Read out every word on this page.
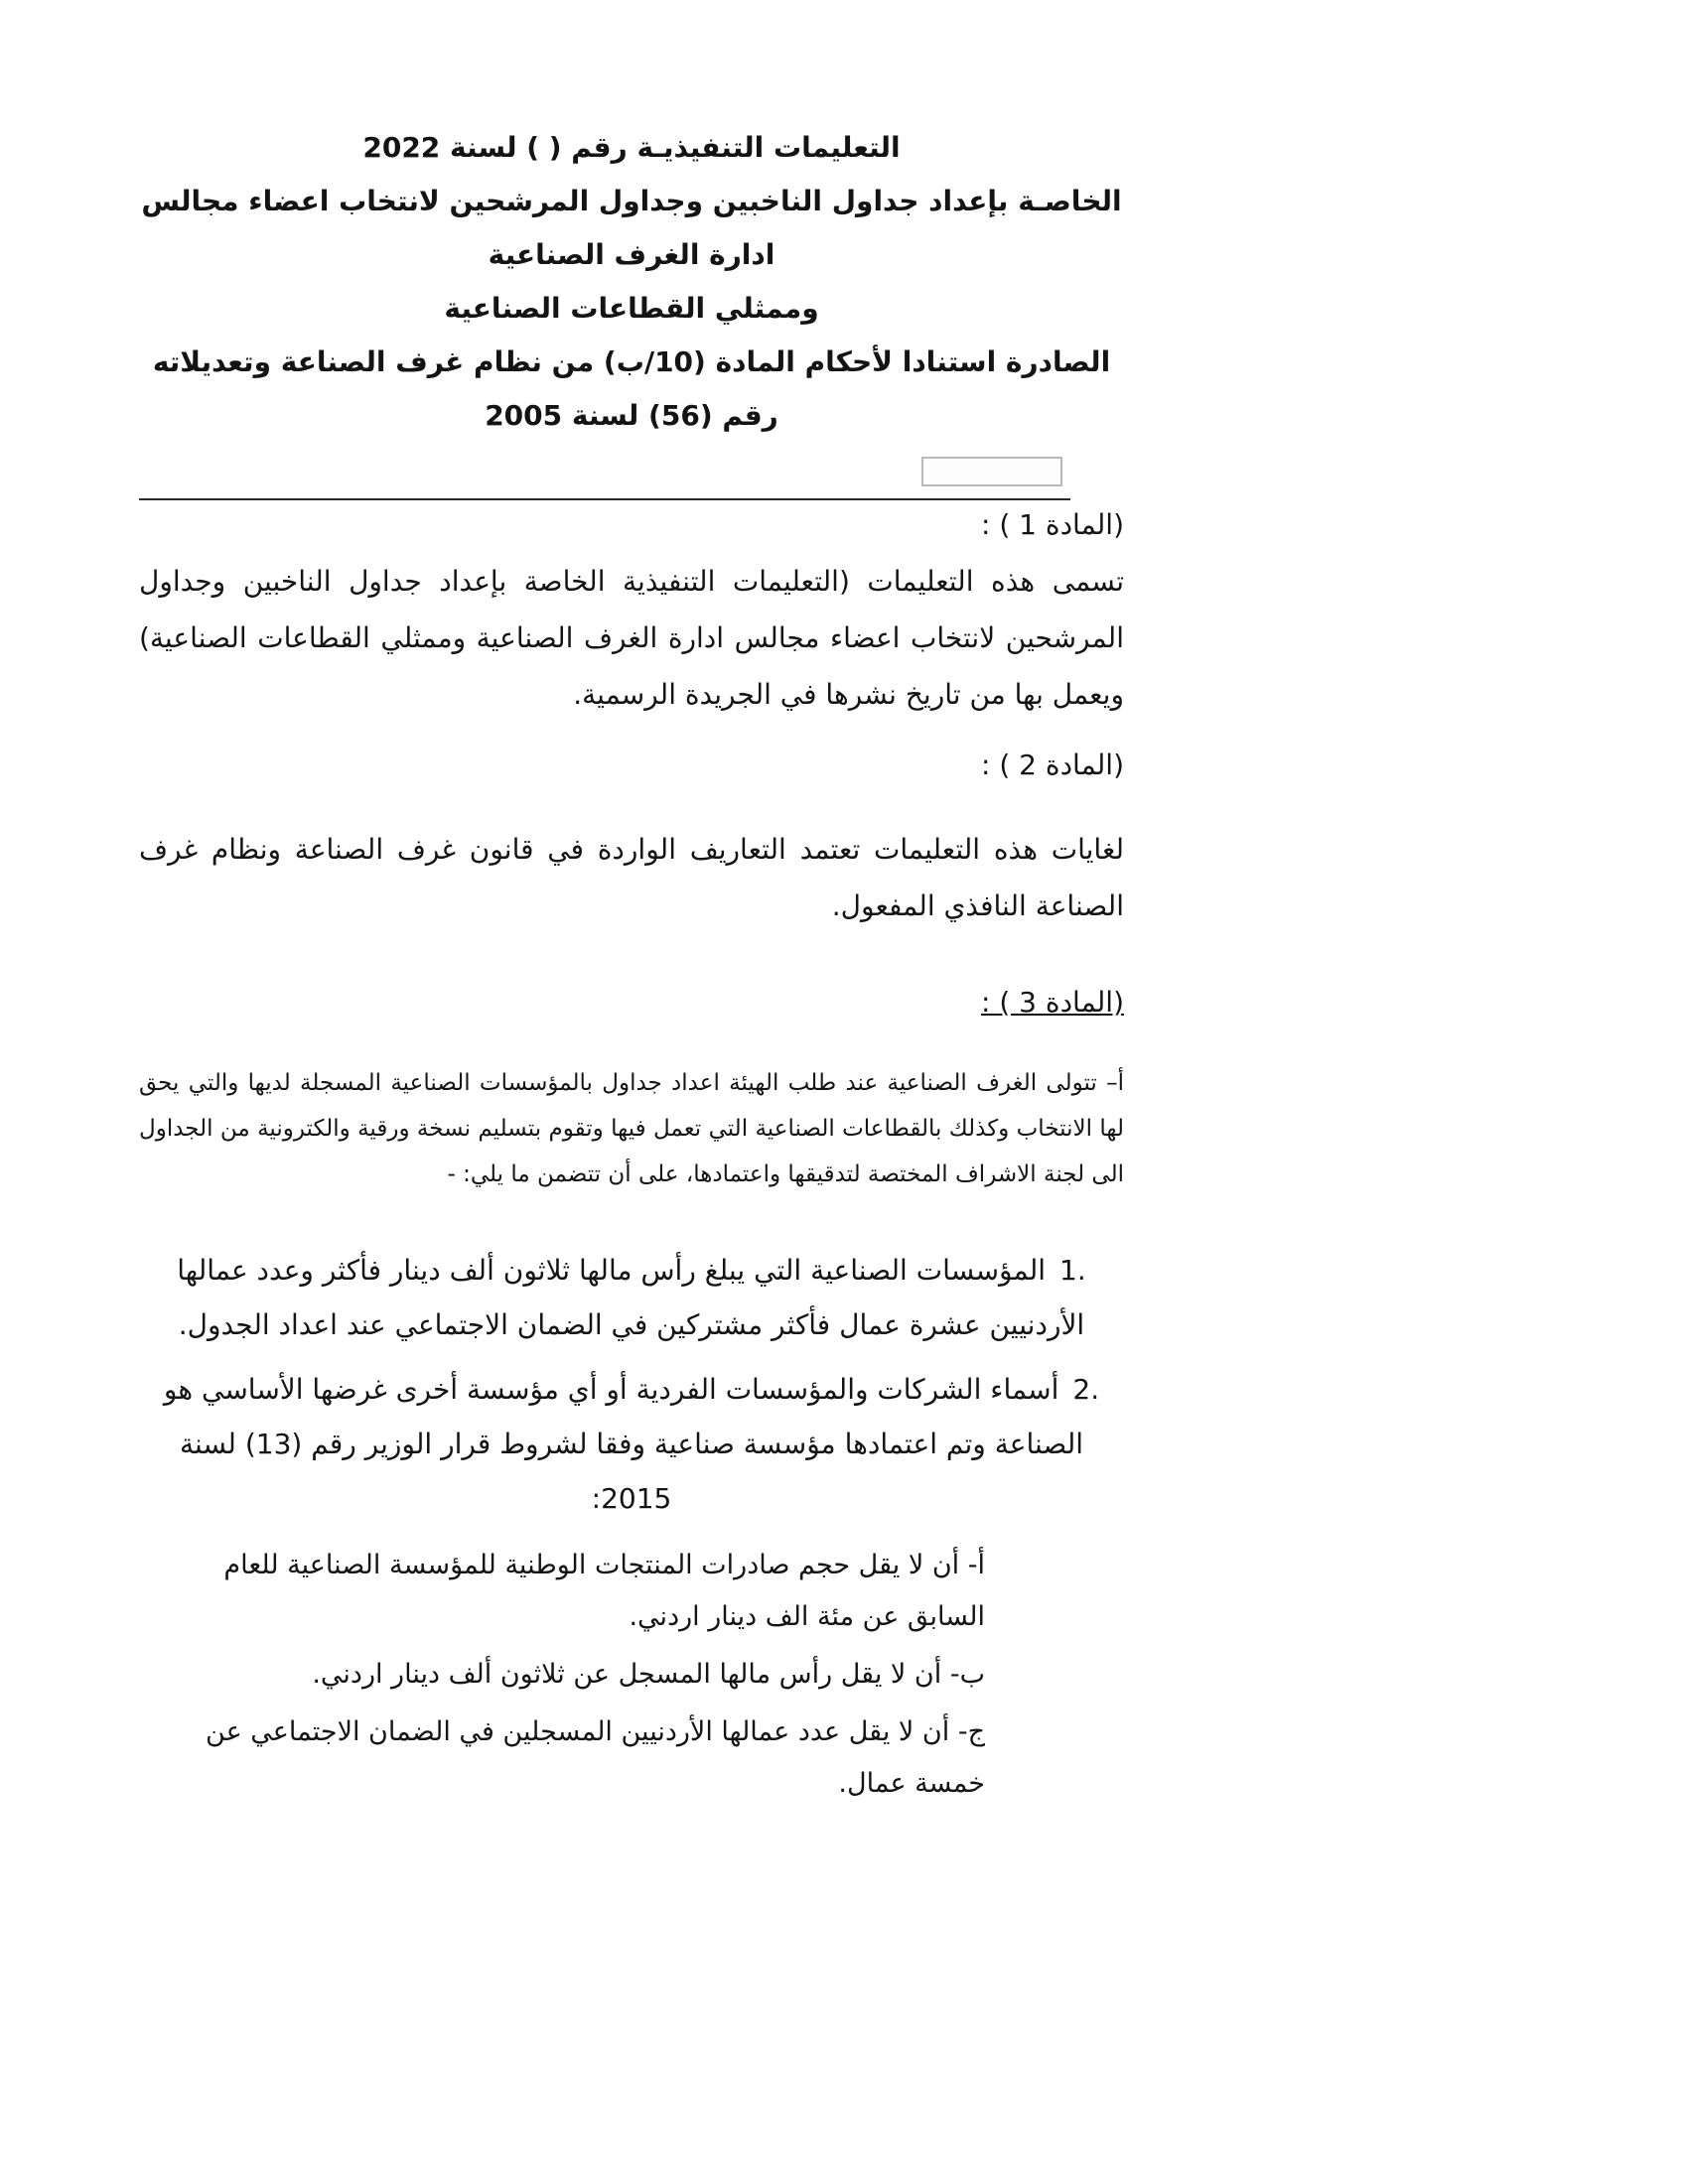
التعليمات التنفيذيـة رقم ( ) لسنة 2022
الخاصـة بإعداد جداول الناخبين وجداول المرشحين لانتخاب اعضاء مجالس ادارة الغرف الصناعية
وممثلي القطاعات الصناعية
الصادرة استنادا لأحكام المادة (10/ب) من نظام غرف الصناعة وتعديلاته رقم (56) لسنة 2005
(المادة 1 ) :

تسمى هذه التعليمات (التعليمات التنفيذية الخاصة بإعداد جداول الناخبين وجداول المرشحين لانتخاب اعضاء مجالس ادارة الغرف الصناعية وممثلي القطاعات الصناعية) ويعمل بها من تاريخ نشرها في الجريدة الرسمية.

(المادة 2 ) :

لغايات هذه التعليمات تعتمد التعاريف الواردة في قانون غرف الصناعة ونظام غرف الصناعة النافذي المفعول.

(المادة 3 ) :

أ– تتولى الغرف الصناعية عند طلب الهيئة اعداد جداول بالمؤسسات الصناعية المسجلة لديها والتي يحق لها الانتخاب وكذلك بالقطاعات الصناعية التي تعمل فيها وتقوم بتسليم نسخة ورقية والكترونية من الجداول الى لجنة الاشراف المختصة لتدقيقها واعتمادها، على أن تتضمن ما يلي: -

1.المؤسسات الصناعية التي يبلغ رأس مالها ثلاثون ألف دينار فأكثر وعدد عمالها الأردنيين عشرة عمال فأكثر مشتركين في الضمان الاجتماعي عند اعداد الجدول.
2.أسماء الشركات والمؤسسات الفردية أو أي مؤسسة أخرى غرضها الأساسي هو الصناعة وتم اعتمادها مؤسسة صناعية وفقا لشروط قرار الوزير رقم (13) لسنة 2015:
أ- أن لا يقل حجم صادرات المنتجات الوطنية للمؤسسة الصناعية للعام السابق عن مئة الف دينار اردني.
ب- أن لا يقل رأس مالها المسجل عن ثلاثون ألف دينار اردني.
ج- أن لا يقل عدد عمالها الأردنيين المسجلين في الضمان الاجتماعي عن خمسة عمال.
